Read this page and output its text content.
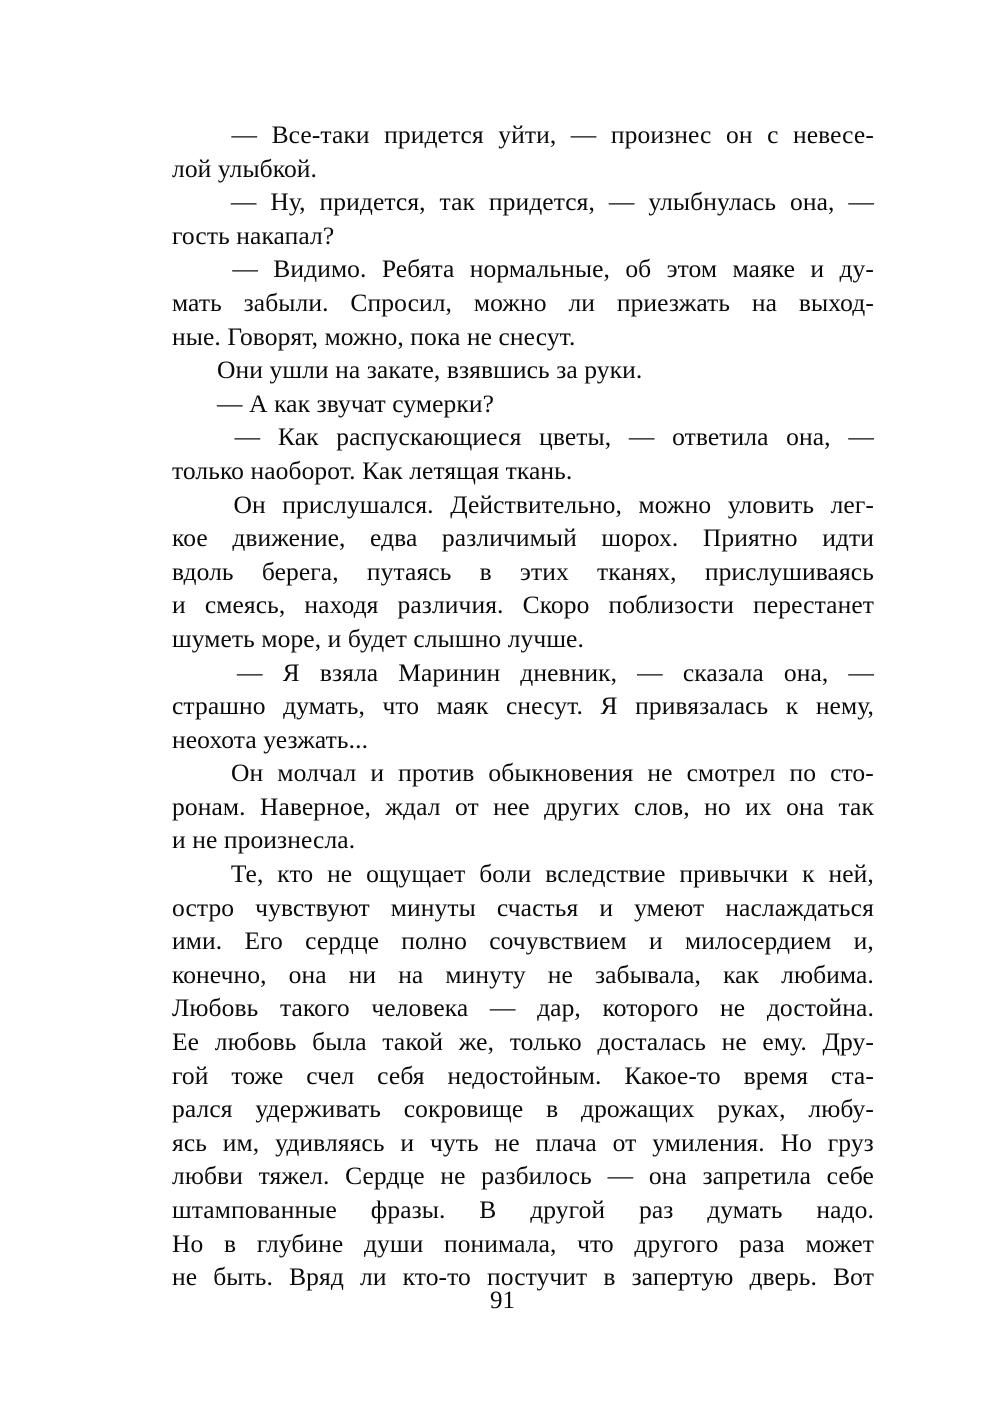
— Все-таки придется уйти, — произнес он с невесе-
лой улыбкой.
— Ну, придется, так придется, — улыбнулась она, —
гость накапал?
— Видимо. Ребята нормальные, об этом маяке и ду-
мать забыли. Спросил, можно ли приезжать на выход-
ные. Говорят, можно, пока не снесут.
Они ушли на закате, взявшись за руки.
— А как звучат сумерки?
— Как распускающиеся цветы, — ответила она, —
только наоборот. Как летящая ткань.
Он прислушался. Действительно, можно уловить лег-
кое движение, едва различимый шорох. Приятно идти
вдоль берега, путаясь в этих тканях, прислушиваясь
и смеясь, находя различия. Скоро поблизости перестанет
шуметь море, и будет слышно лучше.
— Я взяла Маринин дневник, — сказала она, —
страшно думать, что маяк снесут. Я привязалась к нему,
неохота уезжать...
Он молчал и против обыкновения не смотрел по сто-
ронам. Наверное, ждал от нее других слов, но их она так
и не произнесла.
Те, кто не ощущает боли вследствие привычки к ней,
остро чувствуют минуты счастья и умеют наслаждаться
ими. Его сердце полно сочувствием и милосердием и,
конечно, она ни на минуту не забывала, как любима.
Любовь такого человека — дар, которого не достойна.
Ее любовь была такой же, только досталась не ему. Дру-
гой тоже счел себя недостойным. Какое-то время ста-
рался удерживать сокровище в дрожащих руках, любу-
ясь им, удивляясь и чуть не плача от умиления. Но груз
любви тяжел. Сердце не разбилось — она запретила себе
штампованные фразы. В другой раз думать надо.
Но в глубине души понимала, что другого раза может
не быть. Вряд ли кто-то постучит в запертую дверь. Вот
91
